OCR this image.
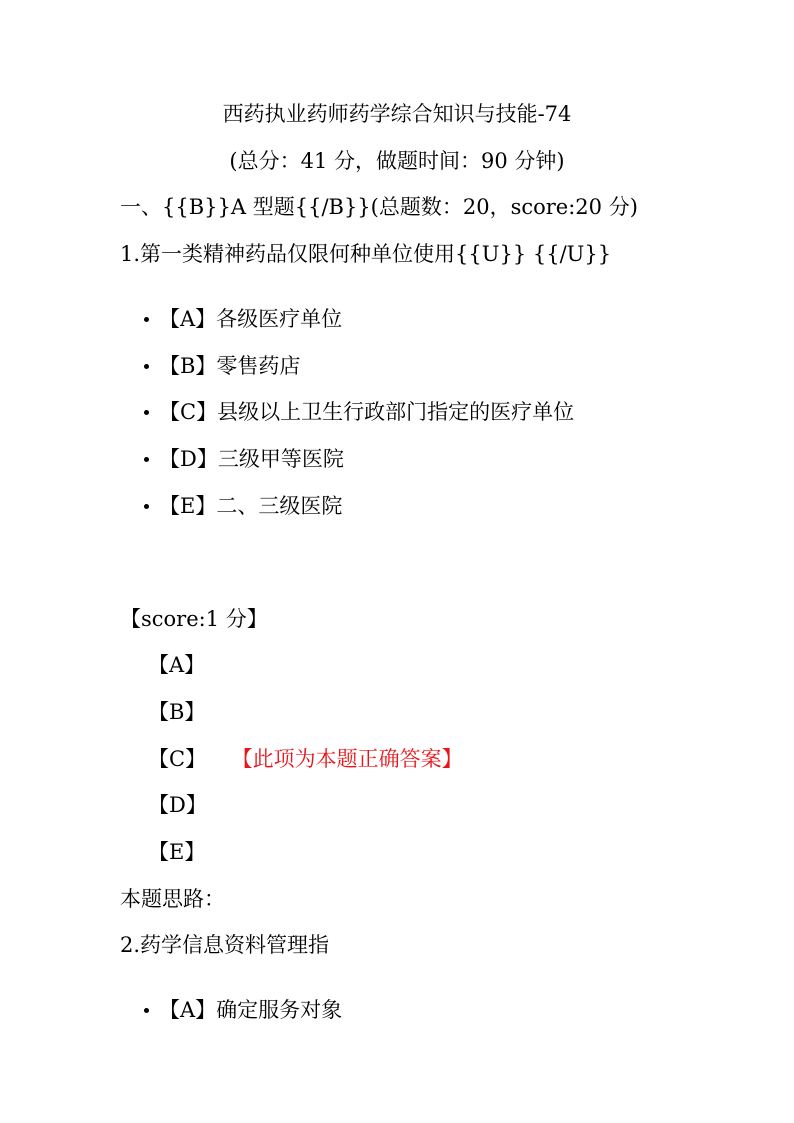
西药执业药师药学综合知识与技能-74
(总分：41 分，做题时间：90 分钟)
一、{{B}}A 型题{{/B}}(总题数：20，score:20 分)
1.第一类精神药品仅限何种单位使用{{U}} {{/U}}
【A】各级医疗单位
【B】零售药店
【C】县级以上卫生行政部门指定的医疗单位
【D】三级甲等医院
【E】二、三级医院
【score:1 分】
【A】
【B】
【C】 【此项为本题正确答案】
【D】
【E】
本题思路：
2.药学信息资料管理指
【A】确定服务对象
